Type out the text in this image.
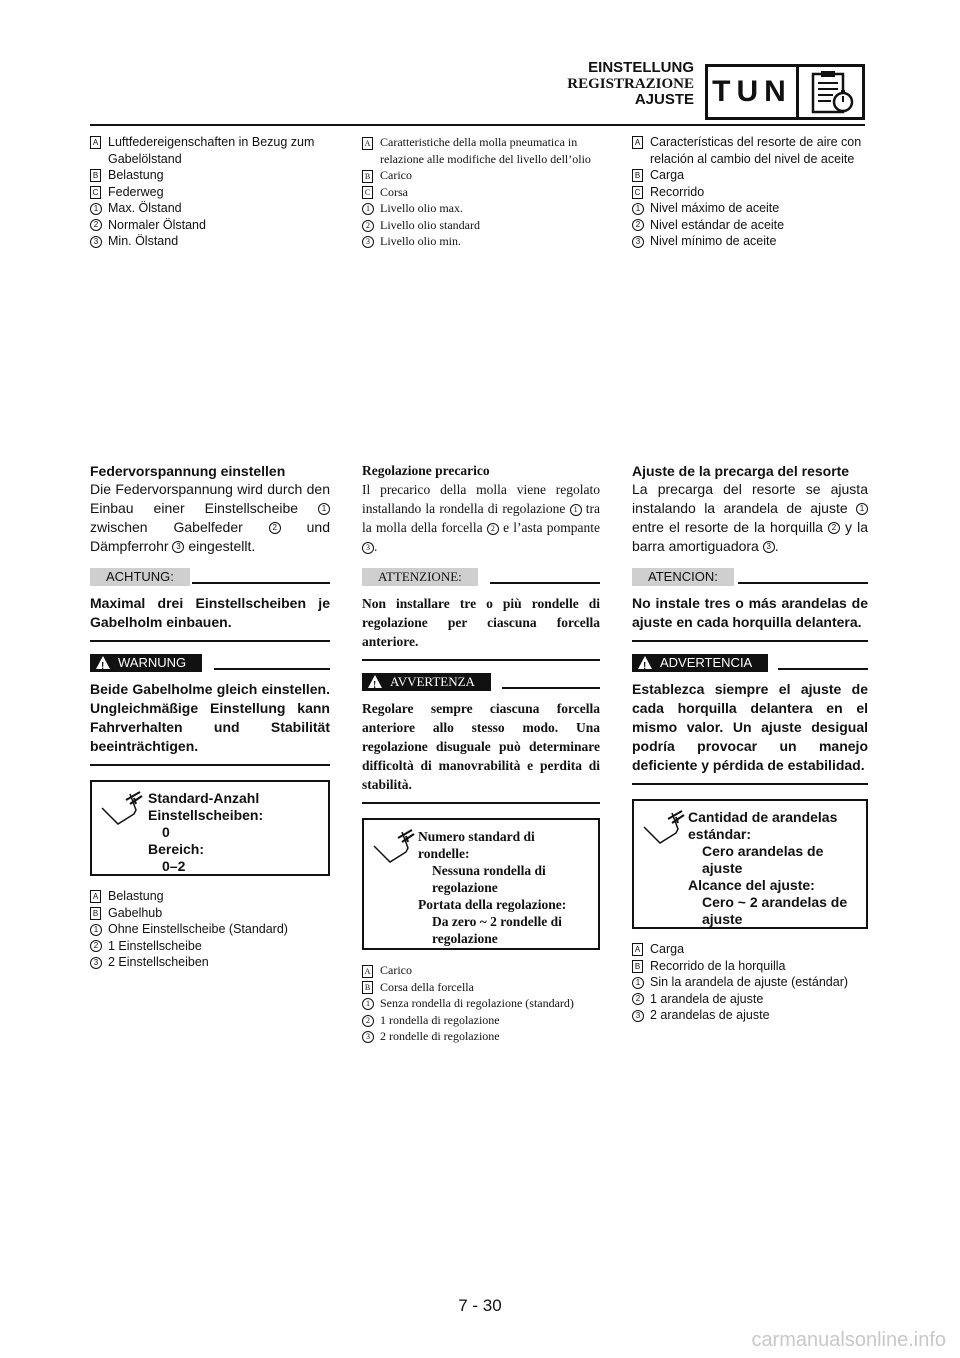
EINSTELLUNG
REGISTRAZIONE
AJUSTE TUN
A Luftfedereigenschaften in Bezug zum Gabelölstand
B Belastung
C Federweg
1 Max. Ölstand
2 Normaler Ölstand
3 Min. Ölstand
Federvorspannung einstellen
Die Federvorspannung wird durch den Einbau einer Einstellscheibe 1 zwischen Gabelfeder 2 und Dämpferrohr 3 eingestellt.
ACHTUNG:
Maximal drei Einstellscheiben je Gabelholm einbauen.
!
WARNUNG
Beide Gabelholme gleich einstellen. Ungleichmäßige Einstellung kann Fahrverhalten und Stabilität beeinträchtigen.
Standard-Anzahl
Einstellscheiben:
0
Bereich:
0–2
A Belastung
B Gabelhub
1 Ohne Einstellscheibe (Standard)
2 1 Einstellscheibe
3 2 Einstellscheiben
A Caratteristiche della molla pneumatica in relazione alle modifiche del livello dell’olio
B Carico
C Corsa
1 Livello olio max.
2 Livello olio standard
3 Livello olio min.
Regolazione precarico
Il precarico della molla viene regolato installando la rondella di regolazione 1 tra la molla della forcella 2 e l’asta pompante 3 .
ATTENZIONE:
Non installare tre o più rondelle di regolazione per ciascuna forcella anteriore.
!
AVVERTENZA
Regolare sempre ciascuna forcella anteriore allo stesso modo. Una regolazione disuguale può determinare difficoltà di manovrabilità e perdita di stabilità.
Numero standard di
rondelle:
Nessuna rondella di
regolazione
Portata della regolazione:
Da zero ~ 2 rondelle di
regolazione
A Carico
B Corsa della forcella
1 Senza rondella di regolazione (standard)
2 1 rondella di regolazione
3 2 rondelle di regolazione
A Características del resorte de aire con relación al cambio del nivel de aceite
B Carga
C Recorrido
1 Nivel máximo de aceite
2 Nivel estándar de aceite
3 Nivel mínimo de aceite
Ajuste de la precarga del resorte
La precarga del resorte se ajusta instalando la arandela de ajuste 1 entre el resorte de la horquilla 2 y la barra amortiguadora 3 .
ATENCION:
No instale tres o más arandelas de ajuste en cada horquilla delantera.
!
ADVERTENCIA
Establezca siempre el ajuste de cada horquilla delantera en el mismo valor. Un ajuste desigual podría provocar un manejo deficiente y pérdida de estabilidad.
Cantidad de arandelas
estándar:
Cero arandelas de
ajuste
Alcance del ajuste:
Cero ~ 2 arandelas de
ajuste
A Carga
B Recorrido de la horquilla
1 Sin la arandela de ajuste (estándar)
2 1 arandela de ajuste
3 2 arandelas de ajuste
7 - 30
carmanualsonline.info
